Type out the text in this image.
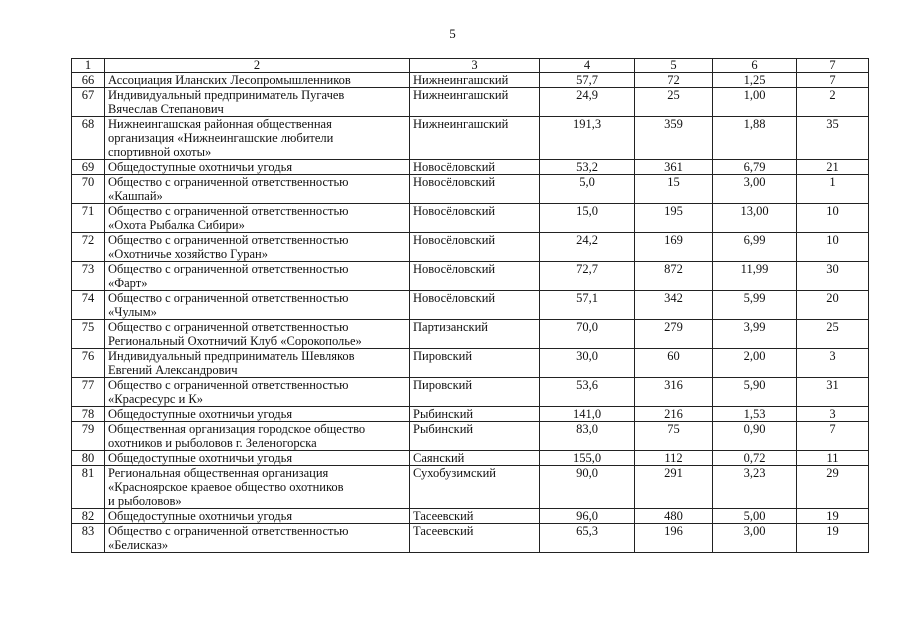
5
1	2	3	4	5	6	7
66	Ассоциация Иланских Лесопромышленников	Нижнеингашский	57,7	72	1,25	7
67	Индивидуальный предприниматель Пугачев
Вячеслав Степанович	Нижнеингашский	24,9	25	1,00	2
68	Нижнеингашская районная общественная
организация «Нижнеингашские любители
спортивной охоты»	Нижнеингашский	191,3	359	1,88	35
69	Общедоступные охотничьи угодья	Новосёловский	53,2	361	6,79	21
70	Общество с ограниченной ответственностью
«Кашпай»	Новосёловский	5,0	15	3,00	1
71	Общество с ограниченной ответственностью
«Охота Рыбалка Сибири»	Новосёловский	15,0	195	13,00	10
72	Общество с ограниченной ответственностью
«Охотничье хозяйство Гуран»	Новосёловский	24,2	169	6,99	10
73	Общество с ограниченной ответственностью
«Фарт»	Новосёловский	72,7	872	11,99	30
74	Общество с ограниченной ответственностью
«Чулым»	Новосёловский	57,1	342	5,99	20
75	Общество с ограниченной ответственностью
Региональный Охотничий Клуб «Сорокополье»	Партизанский	70,0	279	3,99	25
76	Индивидуальный предприниматель Шевляков
Евгений Александрович	Пировский	30,0	60	2,00	3
77	Общество с ограниченной ответственностью
«Красресурс и К»	Пировский	53,6	316	5,90	31
78	Общедоступные охотничьи угодья	Рыбинский	141,0	216	1,53	3
79	Общественная организация городское общество
охотников и рыболовов г. Зеленогорска	Рыбинский	83,0	75	0,90	7
80	Общедоступные охотничьи угодья	Саянский	155,0	112	0,72	11
81	Региональная общественная организация
«Красноярское краевое общество охотников
и рыболовов»	Сухобузимский	90,0	291	3,23	29
82	Общедоступные охотничьи угодья	Тасеевский	96,0	480	5,00	19
83	Общество с ограниченной ответственностью
«Белисказ»	Тасеевский	65,3	196	3,00	19
